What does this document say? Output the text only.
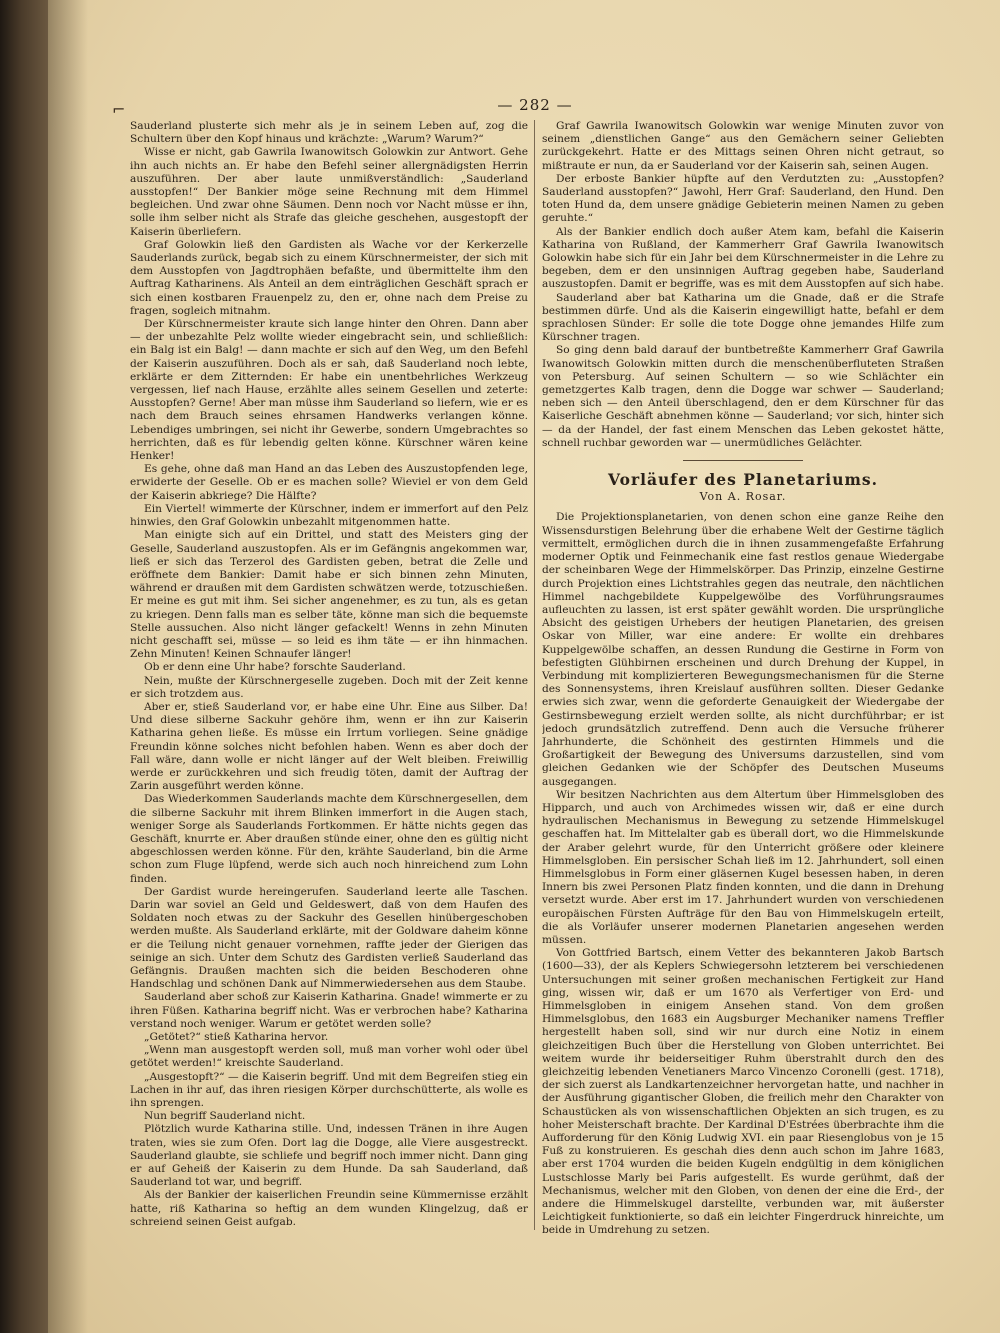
⌐	— 282 —

Sauderland plusterte sich mehr als je in seinem Leben auf, zog die Schultern über den Kopf hinaus und krächzte: „Warum? Warum?“

Wisse er nicht, gab Gawrila Iwanowitsch Golowkin zur Antwort. Gehe ihn auch nichts an. Er habe den Befehl seiner allergnädigsten Herrin auszuführen. Der aber laute unmißverständlich: „Sauderland ausstopfen!“ Der Bankier möge seine Rechnung mit dem Himmel begleichen. Und zwar ohne Säumen. Denn noch vor Nacht müsse er ihn, solle ihm selber nicht als Strafe das gleiche geschehen, ausgestopft der Kaiserin überliefern.

Graf Golowkin ließ den Gardisten als Wache vor der Kerkerzelle Sauderlands zurück, begab sich zu einem Kürschnermeister, der sich mit dem Ausstopfen von Jagdtrophäen befaßte, und übermittelte ihm den Auftrag Katharinens. Als Anteil an dem einträglichen Geschäft sprach er sich einen kostbaren Frauenpelz zu, den er, ohne nach dem Preise zu fragen, sogleich mitnahm.

Der Kürschnermeister kraute sich lange hinter den Ohren. Dann aber — der unbezahlte Pelz wollte wieder eingebracht sein, und schließlich: ein Balg ist ein Balg! — dann machte er sich auf den Weg, um den Befehl der Kaiserin auszuführen. Doch als er sah, daß Sauderland noch lebte, erklärte er dem Zitternden: Er habe ein unentbehrliches Werkzeug vergessen, lief nach Hause, erzählte alles seinem Gesellen und zeterte: Ausstopfen? Gerne! Aber man müsse ihm Sauderland so liefern, wie er es nach dem Brauch seines ehrsamen Handwerks verlangen könne. Lebendiges umbringen, sei nicht ihr Gewerbe, sondern Umgebrachtes so herrichten, daß es für lebendig gelten könne. Kürschner wären keine Henker!

Es gehe, ohne daß man Hand an das Leben des Auszustopfenden lege, erwiderte der Geselle. Ob er es machen solle? Wieviel er von dem Geld der Kaiserin abkriege? Die Hälfte?

Ein Viertel! wimmerte der Kürschner, indem er immerfort auf den Pelz hinwies, den Graf Golowkin unbezahlt mitgenommen hatte.

Man einigte sich auf ein Drittel, und statt des Meisters ging der Geselle, Sauderland auszustopfen. Als er im Gefängnis angekommen war, ließ er sich das Terzerol des Gardisten geben, betrat die Zelle und eröffnete dem Bankier: Damit habe er sich binnen zehn Minuten, während er draußen mit dem Gardisten schwätzen werde, totzuschießen. Er meine es gut mit ihm. Sei sicher angenehmer, es zu tun, als es getan zu kriegen. Denn falls man es selber täte, könne man sich die bequemste Stelle aussuchen. Also nicht länger gefackelt! Wenns in zehn Minuten nicht geschafft sei, müsse — so leid es ihm täte — er ihn hinmachen. Zehn Minuten! Keinen Schnaufer länger!

Ob er denn eine Uhr habe? forschte Sauderland.

Nein, mußte der Kürschnergeselle zugeben. Doch mit der Zeit kenne er sich trotzdem aus.

Aber er, stieß Sauderland vor, er habe eine Uhr. Eine aus Silber. Da! Und diese silberne Sackuhr gehöre ihm, wenn er ihn zur Kaiserin Katharina gehen ließe. Es müsse ein Irrtum vorliegen. Seine gnädige Freundin könne solches nicht befohlen haben. Wenn es aber doch der Fall wäre, dann wolle er nicht länger auf der Welt bleiben. Freiwillig werde er zurückkehren und sich freudig töten, damit der Auftrag der Zarin ausgeführt werden könne.

Das Wiederkommen Sauderlands machte dem Kürschnergesellen, dem die silberne Sackuhr mit ihrem Blinken immerfort in die Augen stach, weniger Sorge als Sauderlands Fortkommen. Er hätte nichts gegen das Geschäft, knurrte er. Aber draußen stünde einer, ohne den es gültig nicht abgeschlossen werden könne. Für den, krähte Sauderland, bin die Arme schon zum Fluge lüpfend, werde sich auch noch hinreichend zum Lohn finden.

Der Gardist wurde hereingerufen. Sauderland leerte alle Taschen. Darin war soviel an Geld und Geldeswert, daß von dem Haufen des Soldaten noch etwas zu der Sackuhr des Gesellen hinübergeschoben werden mußte. Als Sauderland erklärte, mit der Goldware daheim könne er die Teilung nicht genauer vornehmen, raffte jeder der Gierigen das seinige an sich. Unter dem Schutz des Gardisten verließ Sauderland das Gefängnis. Draußen machten sich die beiden Beschoderen ohne Handschlag und schönen Dank auf Nimmerwiedersehen aus dem Staube.

Sauderland aber schoß zur Kaiserin Katharina. Gnade! wimmerte er zu ihren Füßen. Katharina begriff nicht. Was er verbrochen habe? Katharina verstand noch weniger. Warum er getötet werden solle?

„Getötet?“ stieß Katharina hervor.

„Wenn man ausgestopft werden soll, muß man vorher wohl oder übel getötet werden!“ kreischte Sauderland.

„Ausgestopft?“ — die Kaiserin begriff. Und mit dem Begreifen stieg ein Lachen in ihr auf, das ihren riesigen Körper durchschütterte, als wolle es ihn sprengen.

Nun begriff Sauderland nicht.

Plötzlich wurde Katharina stille. Und, indessen Tränen in ihre Augen traten, wies sie zum Ofen. Dort lag die Dogge, alle Viere ausgestreckt. Sauderland glaubte, sie schliefe und begriff noch immer nicht. Dann ging er auf Geheiß der Kaiserin zu dem Hunde. Da sah Sauderland, daß Sauderland tot war, und begriff.

Als der Bankier der kaiserlichen Freundin seine Kümmernisse erzählt hatte, riß Katharina so heftig an dem wunden Klingelzug, daß er schreiend seinen Geist aufgab.

Graf Gawrila Iwanowitsch Golowkin war wenige Minuten zuvor von seinem „dienstlichen Gange“ aus den Gemächern seiner Geliebten zurückgekehrt. Hatte er des Mittags seinen Ohren nicht getraut, so mißtraute er nun, da er Sauderland vor der Kaiserin sah, seinen Augen.

Der erboste Bankier hüpfte auf den Verdutzten zu: „Ausstopfen? Sauderland ausstopfen?“ Jawohl, Herr Graf: Sauderland, den Hund. Den toten Hund da, dem unsere gnädige Gebieterin meinen Namen zu geben geruhte.“

Als der Bankier endlich doch außer Atem kam, befahl die Kaiserin Katharina von Rußland, der Kammerherr Graf Gawrila Iwanowitsch Golowkin habe sich für ein Jahr bei dem Kürschnermeister in die Lehre zu begeben, dem er den unsinnigen Auftrag gegeben habe, Sauderland auszustopfen. Damit er begriffe, was es mit dem Ausstopfen auf sich habe.

Sauderland aber bat Katharina um die Gnade, daß er die Strafe bestimmen dürfe. Und als die Kaiserin eingewilligt hatte, befahl er dem sprachlosen Sünder: Er solle die tote Dogge ohne jemandes Hilfe zum Kürschner tragen.

So ging denn bald darauf der buntbetreßte Kammerherr Graf Gawrila Iwanowitsch Golowkin mitten durch die menschenüberfluteten Straßen von Petersburg. Auf seinen Schultern — so wie Schlächter ein gemetzgertes Kalb tragen, denn die Dogge war schwer — Sauderland; neben sich — den Anteil überschlagend, den er dem Kürschner für das Kaiserliche Geschäft abnehmen könne — Sauderland; vor sich, hinter sich — da der Handel, der fast einem Menschen das Leben gekostet hätte, schnell ruchbar geworden war — unermüdliches Gelächter.

Vorläufer des Planetariums.
Von A. Rosar.

Die Projektionsplanetarien, von denen schon eine ganze Reihe den Wissensdurstigen Belehrung über die erhabene Welt der Gestirne täglich vermittelt, ermöglichen durch die in ihnen zusammengefaßte Erfahrung moderner Optik und Feinmechanik eine fast restlos genaue Wiedergabe der scheinbaren Wege der Himmelskörper. Das Prinzip, einzelne Gestirne durch Projektion eines Lichtstrahles gegen das neutrale, den nächtlichen Himmel nachgebildete Kuppelgewölbe des Vorführungsraumes aufleuchten zu lassen, ist erst später gewählt worden. Die ursprüngliche Absicht des geistigen Urhebers der heutigen Planetarien, des greisen Oskar von Miller, war eine andere: Er wollte ein drehbares Kuppelgewölbe schaffen, an dessen Rundung die Gestirne in Form von befestigten Glühbirnen erscheinen und durch Drehung der Kuppel, in Verbindung mit komplizierteren Bewegungsmechanismen für die Sterne des Sonnensystems, ihren Kreislauf ausführen sollten. Dieser Gedanke erwies sich zwar, wenn die geforderte Genauigkeit der Wiedergabe der Gestirnsbewegung erzielt werden sollte, als nicht durchführbar; er ist jedoch grundsätzlich zutreffend. Denn auch die Versuche früherer Jahrhunderte, die Schönheit des gestirnten Himmels und die Großartigkeit der Bewegung des Universums darzustellen, sind vom gleichen Gedanken wie der Schöpfer des Deutschen Museums ausgegangen.

Wir besitzen Nachrichten aus dem Altertum über Himmelsgloben des Hipparch, und auch von Archimedes wissen wir, daß er eine durch hydraulischen Mechanismus in Bewegung zu setzende Himmelskugel geschaffen hat. Im Mittelalter gab es überall dort, wo die Himmelskunde der Araber gelehrt wurde, für den Unterricht größere oder kleinere Himmelsgloben. Ein persischer Schah ließ im 12. Jahrhundert, soll einen Himmelsglobus in Form einer gläsernen Kugel besessen haben, in deren Innern bis zwei Personen Platz finden konnten, und die dann in Drehung versetzt wurde. Aber erst im 17. Jahrhundert wurden von verschiedenen europäischen Fürsten Aufträge für den Bau von Himmelskugeln erteilt, die als Vorläufer unserer modernen Planetarien angesehen werden müssen.

Von Gottfried Bartsch, einem Vetter des bekannteren Jakob Bartsch (1600—33), der als Keplers Schwiegersohn letzterem bei verschiedenen Untersuchungen mit seiner großen mechanischen Fertigkeit zur Hand ging, wissen wir, daß er um 1670 als Verfertiger von Erd- und Himmelsgloben in einigem Ansehen stand. Von dem großen Himmelsglobus, den 1683 ein Augsburger Mechaniker namens Treffler hergestellt haben soll, sind wir nur durch eine Notiz in einem gleichzeitigen Buch über die Herstellung von Globen unterrichtet. Bei weitem wurde ihr beiderseitiger Ruhm überstrahlt durch den des gleichzeitig lebenden Venetianers Marco Vincenzo Coronelli (gest. 1718), der sich zuerst als Landkartenzeichner hervorgetan hatte, und nachher in der Ausführung gigantischer Globen, die freilich mehr den Charakter von Schaustücken als von wissenschaftlichen Objekten an sich trugen, es zu hoher Meisterschaft brachte. Der Kardinal D'Estrées überbrachte ihm die Aufforderung für den König Ludwig XVI. ein paar Riesenglobus von je 15 Fuß zu konstruieren. Es geschah dies denn auch schon im Jahre 1683, aber erst 1704 wurden die beiden Kugeln endgültig in dem königlichen Lustschlosse Marly bei Paris aufgestellt. Es wurde gerühmt, daß der Mechanismus, welcher mit den Globen, von denen der eine die Erd-, der andere die Himmelskugel darstellte, verbunden war, mit äußerster Leichtigkeit funktionierte, so daß ein leichter Fingerdruck hinreichte, um beide in Umdrehung zu setzen.
